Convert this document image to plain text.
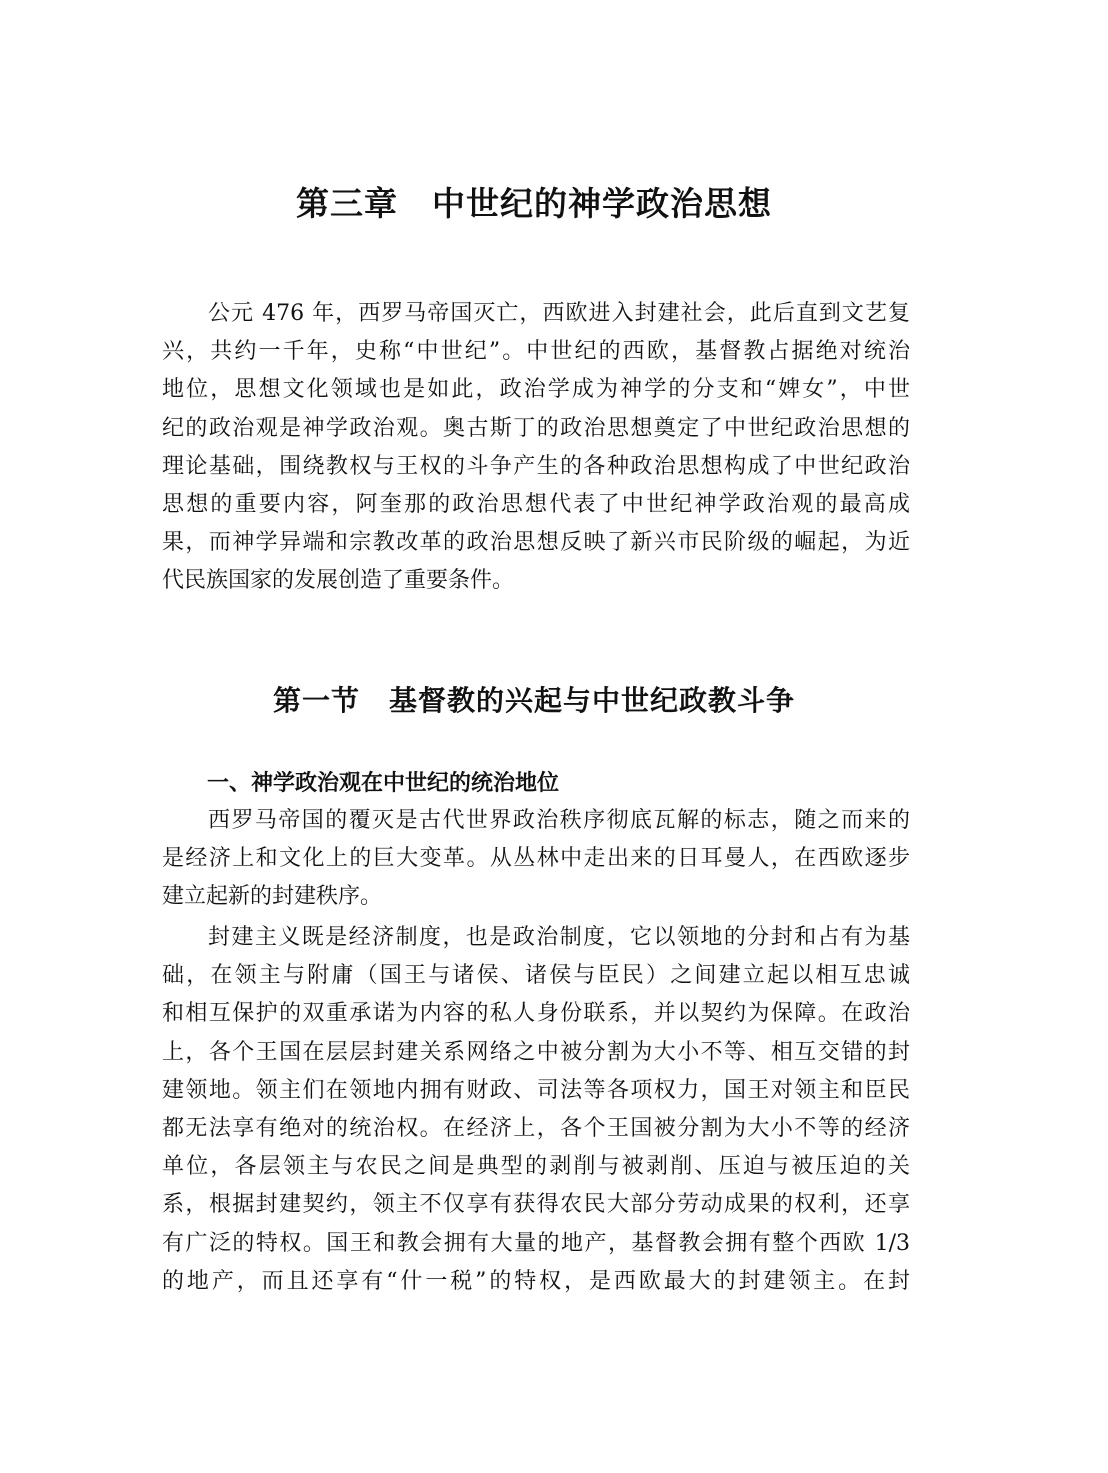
第三章　中世纪的神学政治思想
公元 476 年，西罗马帝国灭亡，西欧进入封建社会，此后直到文艺复
兴，共约一千年，史称“中世纪”。中世纪的西欧，基督教占据绝对统治
地位，思想文化领域也是如此，政治学成为神学的分支和“婢女”，中世
纪的政治观是神学政治观。奥古斯丁的政治思想奠定了中世纪政治思想的
理论基础，围绕教权与王权的斗争产生的各种政治思想构成了中世纪政治
思想的重要内容，阿奎那的政治思想代表了中世纪神学政治观的最高成
果，而神学异端和宗教改革的政治思想反映了新兴市民阶级的崛起，为近
代民族国家的发展创造了重要条件。
第一节　基督教的兴起与中世纪政教斗争
一、神学政治观在中世纪的统治地位
西罗马帝国的覆灭是古代世界政治秩序彻底瓦解的标志，随之而来的
是经济上和文化上的巨大变革。从丛林中走出来的日耳曼人，在西欧逐步
建立起新的封建秩序。
封建主义既是经济制度，也是政治制度，它以领地的分封和占有为基
础，在领主与附庸（国王与诸侯、诸侯与臣民）之间建立起以相互忠诚
和相互保护的双重承诺为内容的私人身份联系，并以契约为保障。在政治
上，各个王国在层层封建关系网络之中被分割为大小不等、相互交错的封
建领地。领主们在领地内拥有财政、司法等各项权力，国王对领主和臣民
都无法享有绝对的统治权。在经济上，各个王国被分割为大小不等的经济
单位，各层领主与农民之间是典型的剥削与被剥削、压迫与被压迫的关
系，根据封建契约，领主不仅享有获得农民大部分劳动成果的权利，还享
有广泛的特权。国王和教会拥有大量的地产，基督教会拥有整个西欧 1/3
的地产，而且还享有“什一税”的特权，是西欧最大的封建领主。在封
